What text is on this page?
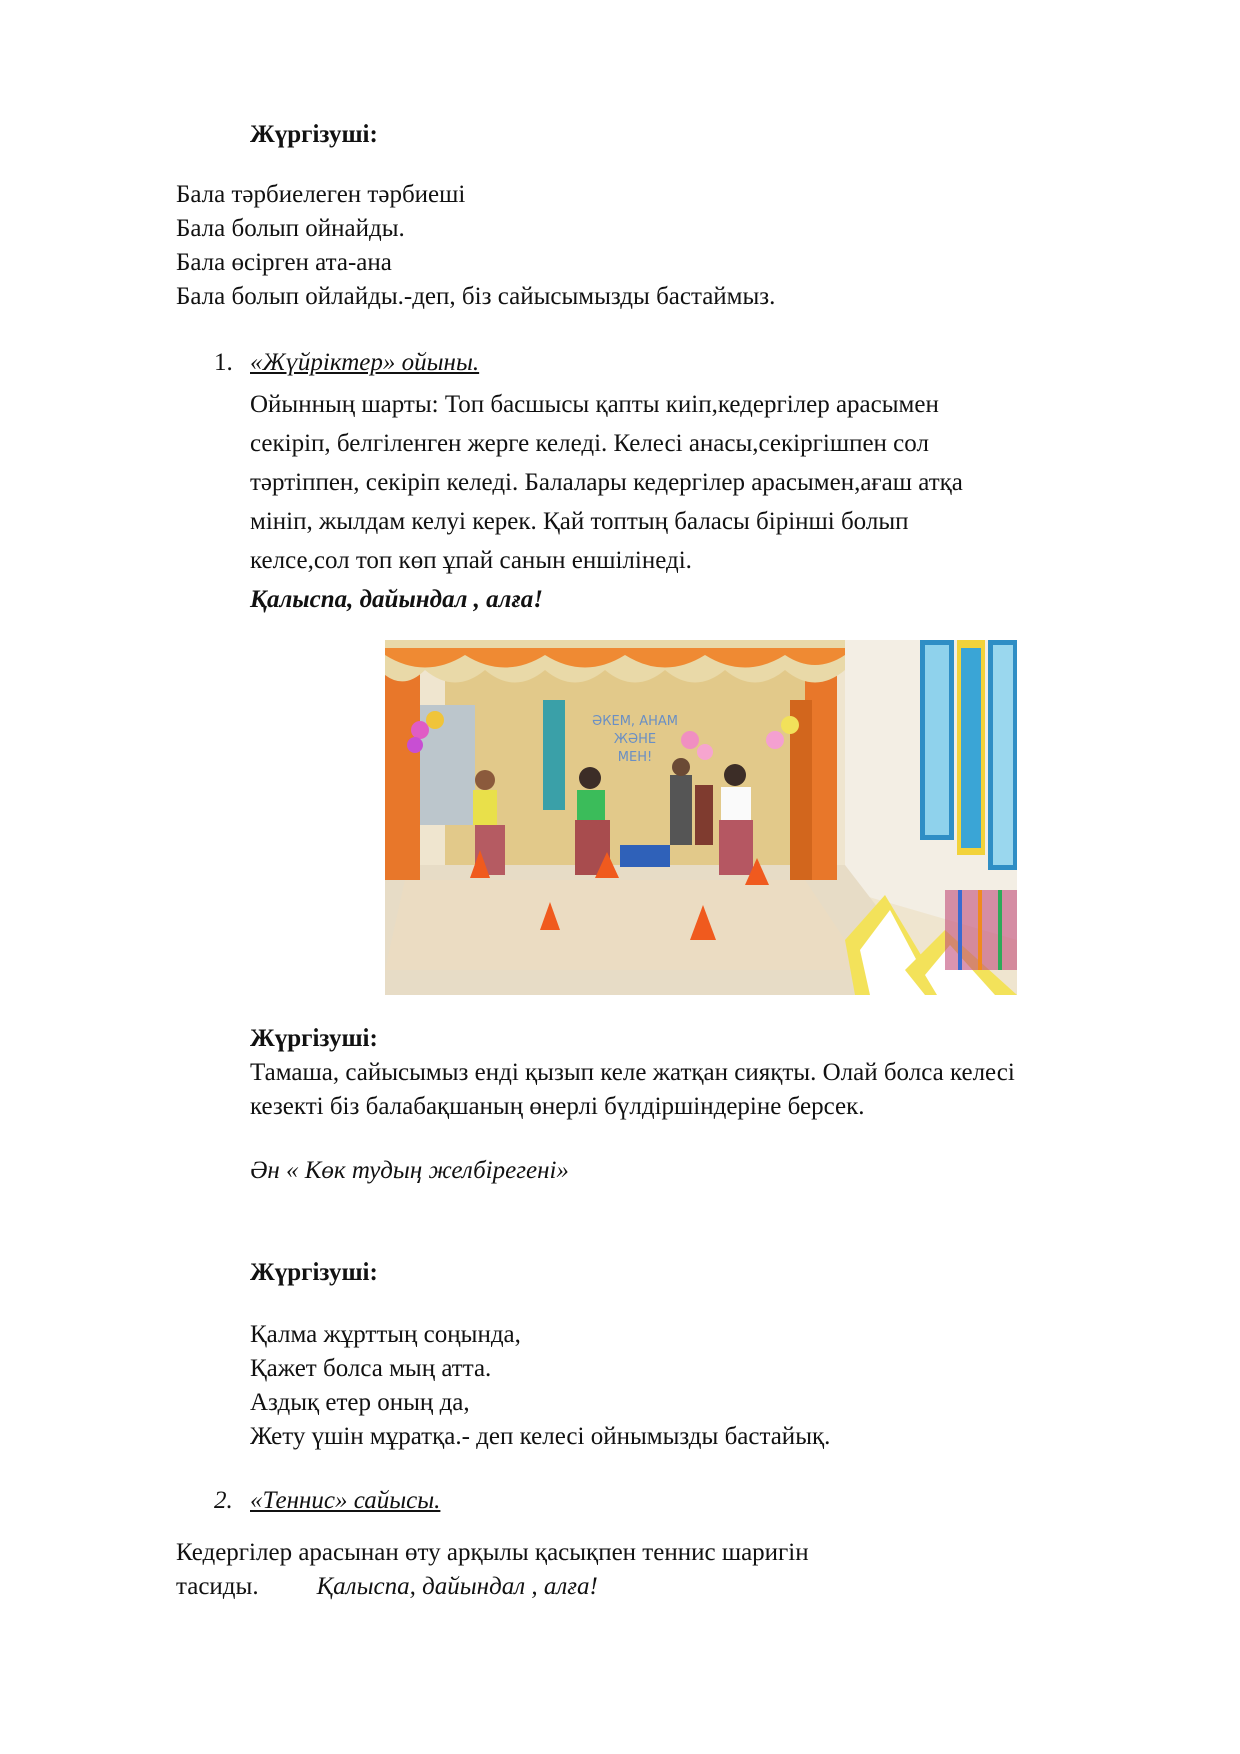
Жүргізуші:
Бала тәрбиелеген тәрбиеші
Бала болып ойнайды.
Бала өсірген ата-ана
Бала болып ойлайды.-деп, біз сайысымызды бастаймыз.
1. «Жүйріктер» ойыны.
Ойынның шарты: Топ басшысы қапты киіп,кедергілер арасымен
секіріп, белгіленген жерге келеді. Келесі анасы,секіргішпен сол
тәртіппен, секіріп келеді. Балалары кедергілер арасымен,ағаш атқа
мініп, жылдам келуі керек. Қай топтың баласы бірінші болып
келсе,сол топ көп ұпай санын еншілінеді.
Қалыспа, дайындал , алға!
ӘКЕМ, АНАМ
ЖӘНЕ
МЕН!
Жүргізуші:
Тамаша, сайысымыз енді қызып келе жатқан сияқты. Олай болса келесі
кезекті біз балабақшаның өнерлі бүлдіршіндеріне берсек.
Ән « Көк тудың желбірегені»
Жүргізуші:
Қалма жұрттың соңында,
Қажет болса мың атта.
Аздық етер оның да,
Жету үшін мұратқа.- деп келесі ойнымызды бастайық.
2. «Теннис» сайысы.
Кедергілер арасынан өту арқылы қасықпен теннис шаригін
тасиды. Қалыспа, дайындал , алға!
